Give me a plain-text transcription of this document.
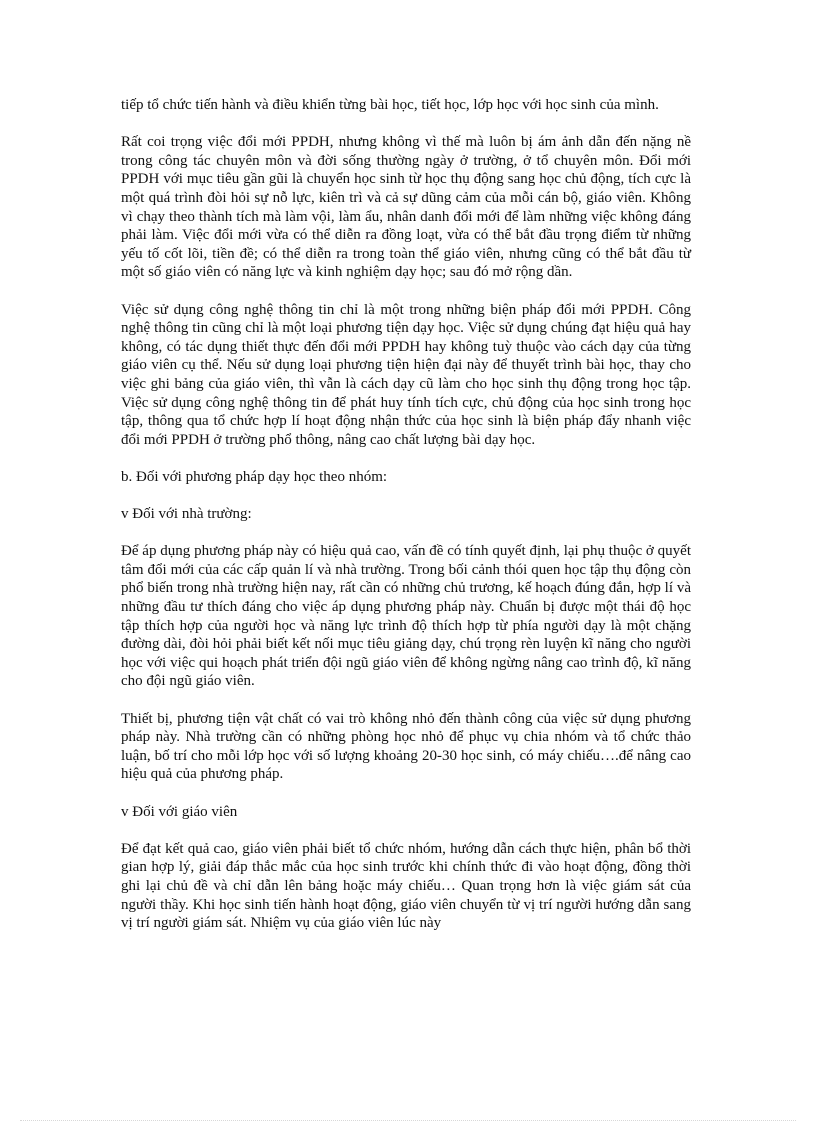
tiếp tổ chức tiến hành và điều khiển từng bài học, tiết học, lớp học với học sinh của mình.

Rất coi trọng việc đổi mới PPDH, nhưng không vì thế mà luôn bị ám ảnh dẫn đến nặng nề trong công tác chuyên môn và đời sống thường ngày ở trường, ở tổ chuyên môn. Đổi mới PPDH với mục tiêu gần gũi là chuyển học sinh từ học thụ động sang học chủ động, tích cực là một quá trình đòi hỏi sự nỗ lực, kiên trì và cả sự dũng cảm của mỗi cán bộ, giáo viên. Không vì chạy theo thành tích mà làm vội, làm ẩu, nhân danh đổi mới để làm những việc không đáng phải làm. Việc đổi mới vừa có thể diễn ra đồng loạt, vừa có thể bắt đầu trọng điểm từ những yếu tố cốt lõi, tiền đề; có thể diễn ra trong toàn thể giáo viên, nhưng cũng có thể bắt đầu từ một số giáo viên có năng lực và kinh nghiệm dạy học; sau đó mở rộng dần.

Việc sử dụng công nghệ thông tin chỉ là một trong những biện pháp đổi mới PPDH. Công nghệ thông tin cũng chỉ là một loại phương tiện dạy học. Việc sử dụng chúng đạt hiệu quả hay không, có tác dụng thiết thực đến đổi mới PPDH hay không tuỳ thuộc vào cách dạy của từng giáo viên cụ thể. Nếu sử dụng loại phương tiện hiện đại này để thuyết trình bài học, thay cho việc ghi bảng của giáo viên, thì vẫn là cách dạy cũ làm cho học sinh thụ động trong học tập. Việc sử dụng công nghệ thông tin để phát huy tính tích cực, chủ động của học sinh trong học tập, thông qua tổ chức hợp lí hoạt động nhận thức của học sinh là biện pháp đẩy nhanh việc đổi mới PPDH ở trường phổ thông, nâng cao chất lượng bài dạy học.

b. Đối với phương pháp dạy học theo nhóm:

v Đối với nhà trường:

Để áp dụng phương pháp này có hiệu quả cao, vấn đề có tính quyết định, lại phụ thuộc ở quyết tâm đổi mới của các cấp quản lí và nhà trường. Trong bối cảnh thói quen học tập thụ động còn phổ biến trong nhà trường hiện nay, rất cần có những chủ trương, kế hoạch đúng đắn, hợp lí và những đầu tư thích đáng cho việc áp dụng phương pháp này. Chuẩn bị được một thái độ học tập thích hợp của người học và năng lực trình độ thích hợp từ phía người dạy là một chặng đường dài, đòi hỏi phải biết kết nối mục tiêu giảng dạy, chú trọng rèn luyện kĩ năng cho người học với việc qui hoạch phát triển đội ngũ giáo viên để không ngừng nâng cao trình độ, kĩ năng cho đội ngũ giáo viên.

Thiết bị, phương tiện vật chất có vai trò không nhỏ đến thành công của việc sử dụng phương pháp này. Nhà trường cần có những phòng học nhỏ để phục vụ chia nhóm và tổ chức thảo luận, bố trí cho mỗi lớp học với số lượng khoảng 20-30 học sinh, có máy chiếu….để nâng cao hiệu quả của phương pháp.

v Đối với giáo viên

Để đạt kết quả cao, giáo viên phải biết tổ chức nhóm, hướng dẫn cách thực hiện, phân bổ thời gian hợp lý, giải đáp thắc mắc của học sinh trước khi chính thức đi vào hoạt động, đồng thời ghi lại chủ đề và chỉ dẫn lên bảng hoặc máy chiếu… Quan trọng hơn là việc giám sát của người thầy. Khi học sinh tiến hành hoạt động, giáo viên chuyển từ vị trí người hướng dẫn sang vị trí người giám sát. Nhiệm vụ của giáo viên lúc này
